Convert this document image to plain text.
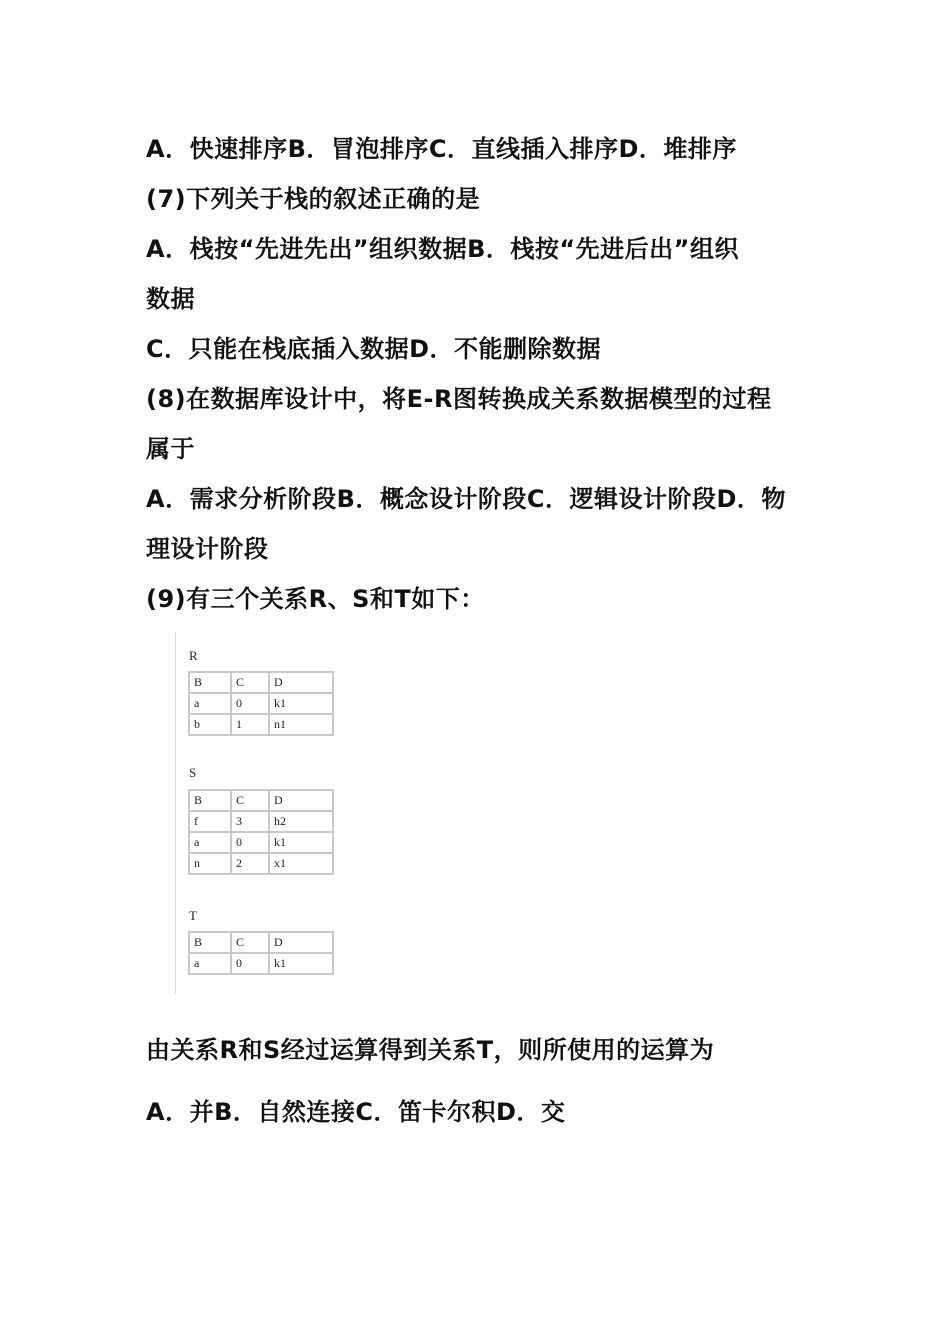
A．快速排序B．冒泡排序C．直线插入排序D．堆排序
(7)下列关于栈的叙述正确的是
A．栈按“先进先出”组织数据B．栈按“先进后出”组织
数据
C．只能在栈底插入数据D．不能删除数据
(8)在数据库设计中，将E-R图转换成关系数据模型的过程
属于
A．需求分析阶段B．概念设计阶段C．逻辑设计阶段D．物
理设计阶段
(9)有三个关系R、S和T如下：
R
B	C	D
a	0	k1
b	1	n1
S
B	C	D
f	3	h2
a	0	k1
n	2	x1
T
B	C	D
a	0	k1
由关系R和S经过运算得到关系T，则所使用的运算为
A．并B．自然连接C．笛卡尔积D．交
